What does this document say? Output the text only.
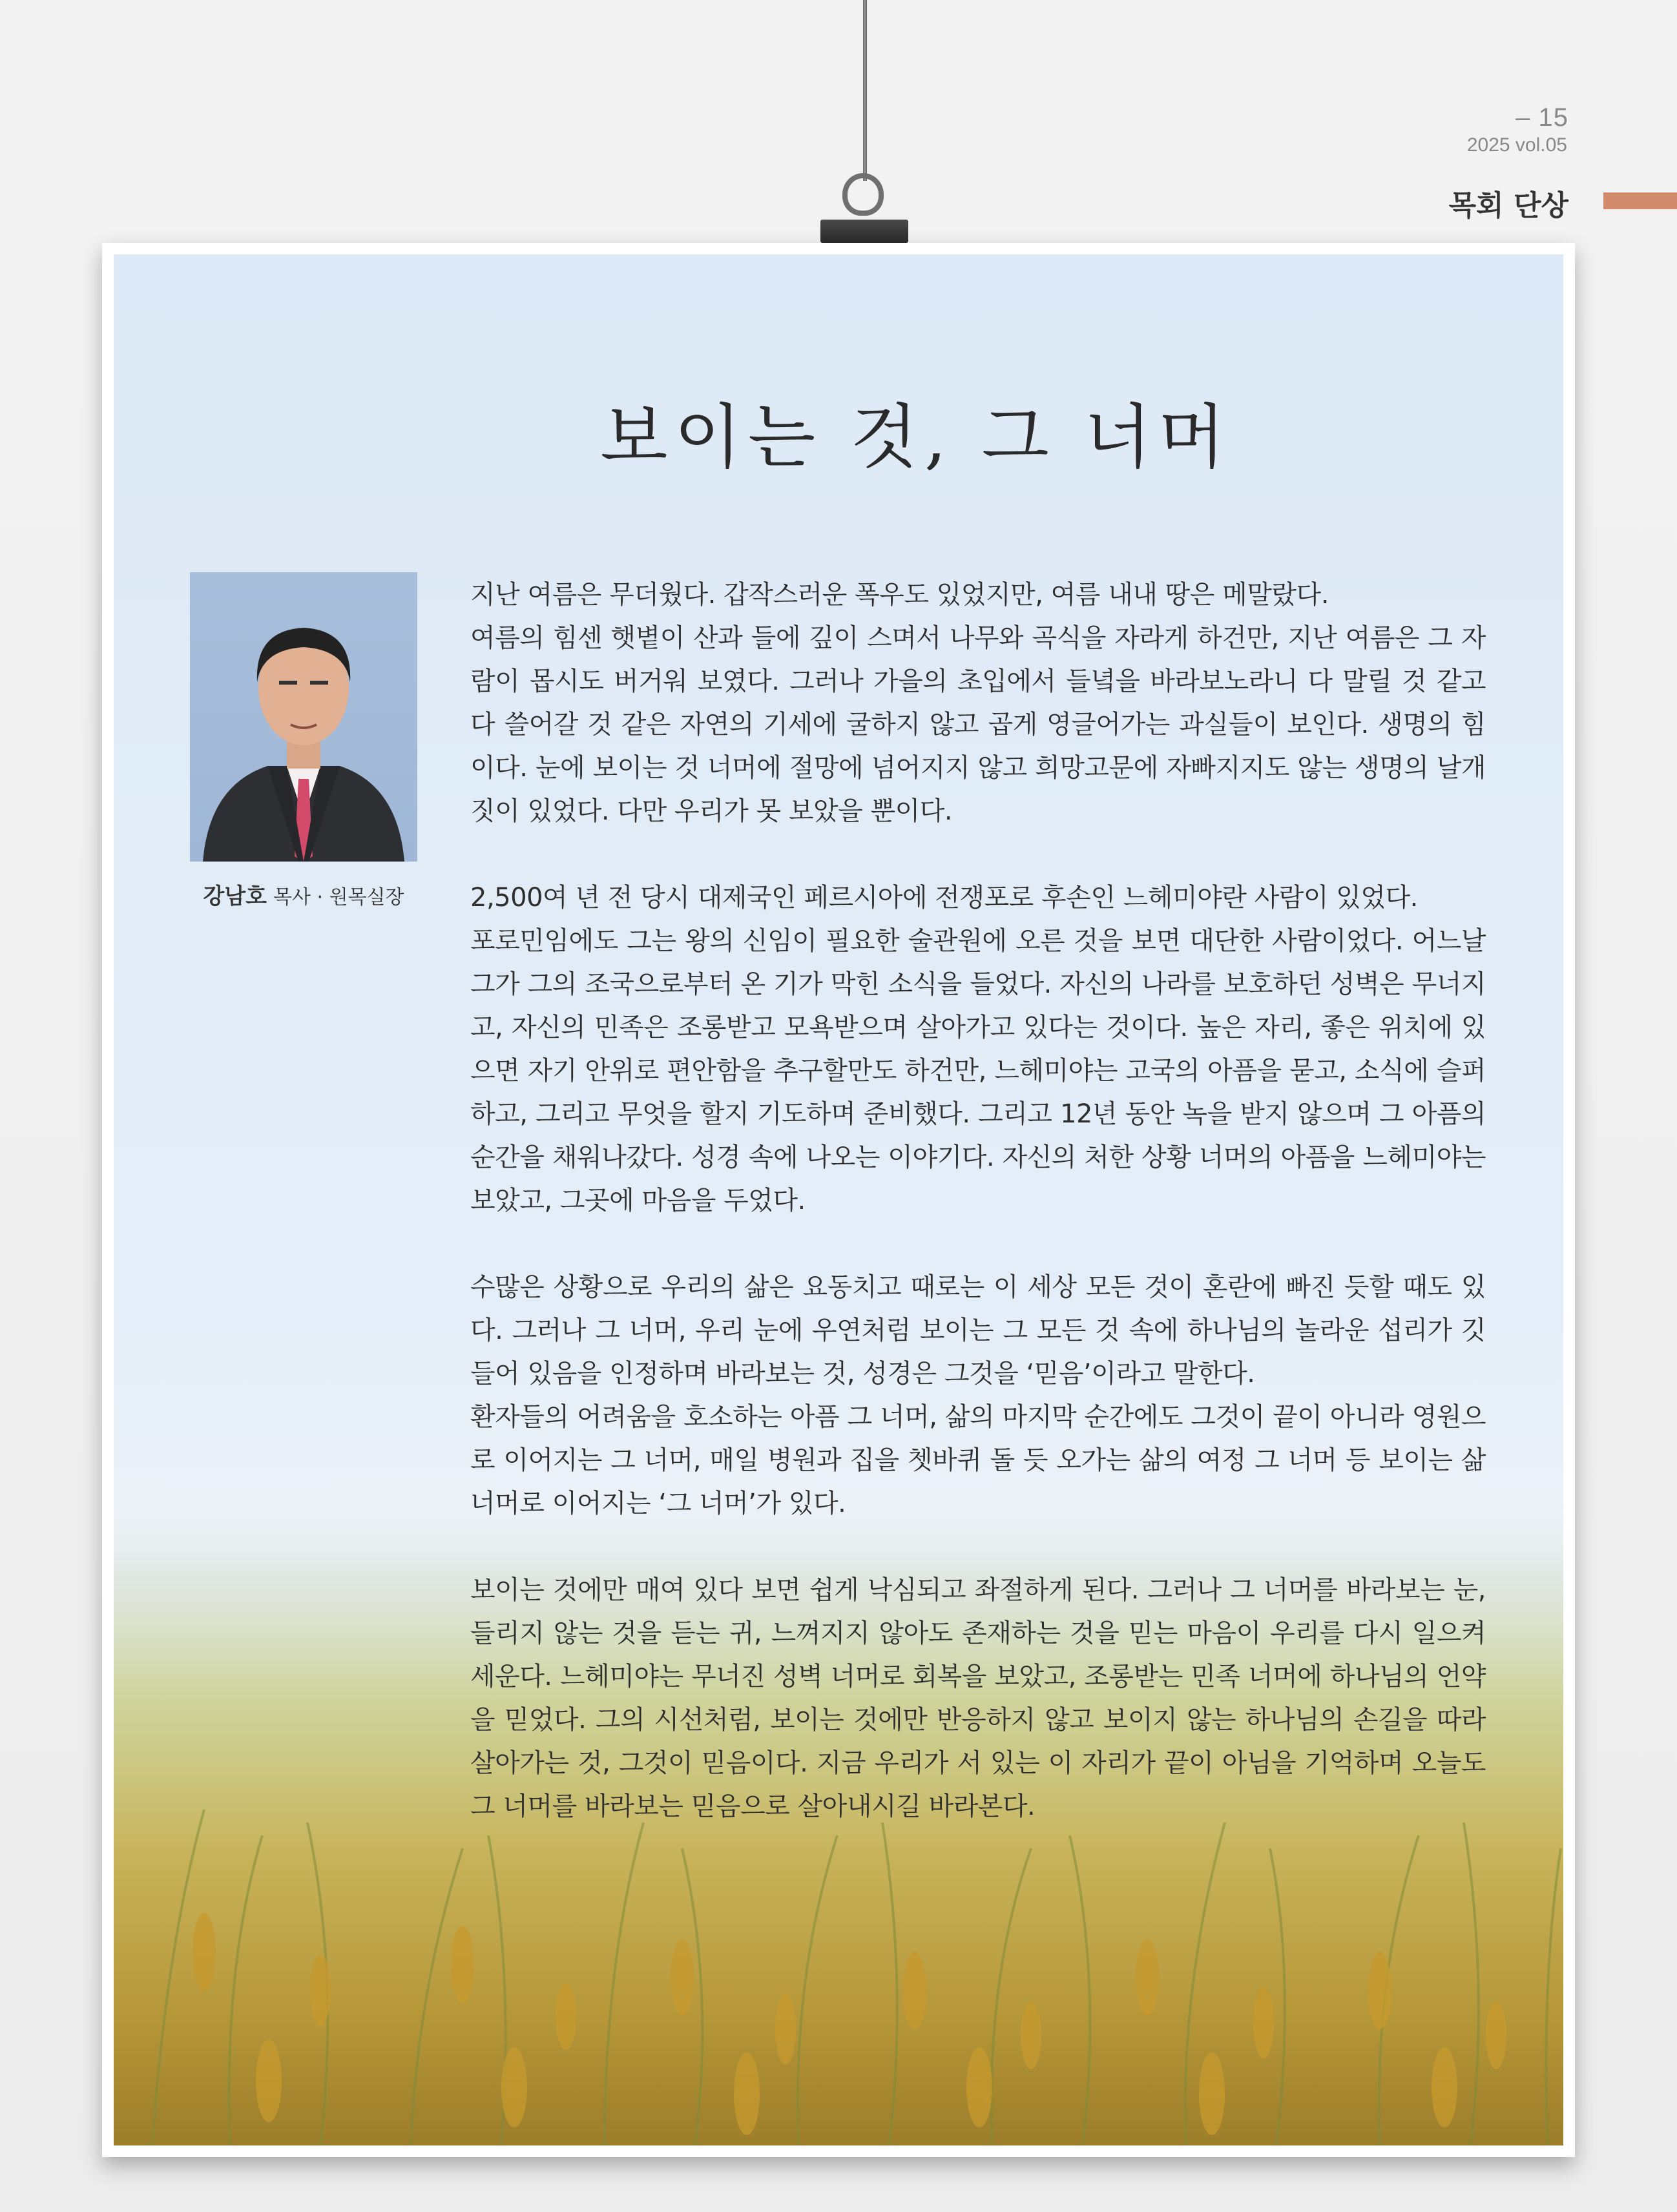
– 15
2025 vol.05
목회 단상
보이는 것, 그 너머
강남호 목사 · 원목실장

지난 여름은 무더웠다. 갑작스러운 폭우도 있었지만, 여름 내내 땅은 메말랐다.
여름의 힘센 햇볕이 산과 들에 깊이 스며서 나무와 곡식을 자라게 하건만, 지난 여름은 그 자람이 몹시도 버거워 보였다. 그러나 가을의 초입에서 들녘을 바라보노라니 다 말릴 것 같고 다 쓸어갈 것 같은 자연의 기세에 굴하지 않고 곱게 영글어가는 과실들이 보인다. 생명의 힘이다. 눈에 보이는 것 너머에 절망에 넘어지지 않고 희망고문에 자빠지지도 않는 생명의 날개 짓이 있었다. 다만 우리가 못 보았을 뿐이다.

2,500여 년 전 당시 대제국인 페르시아에 전쟁포로 후손인 느헤미야란 사람이 있었다.
포로민임에도 그는 왕의 신임이 필요한 술관원에 오른 것을 보면 대단한 사람이었다. 어느날 그가 그의 조국으로부터 온 기가 막힌 소식을 들었다. 자신의 나라를 보호하던 성벽은 무너지고, 자신의 민족은 조롱받고 모욕받으며 살아가고 있다는 것이다. 높은 자리, 좋은 위치에 있으면 자기 안위로 편안함을 추구할만도 하건만, 느헤미야는 고국의 아픔을 묻고, 소식에 슬퍼하고, 그리고 무엇을 할지 기도하며 준비했다. 그리고 12년 동안 녹을 받지 않으며 그 아픔의 순간을 채워나갔다. 성경 속에 나오는 이야기다. 자신의 처한 상황 너머의 아픔을 느헤미야는 보았고, 그곳에 마음을 두었다.

수많은 상황으로 우리의 삶은 요동치고 때로는 이 세상 모든 것이 혼란에 빠진 듯할 때도 있다. 그러나 그 너머, 우리 눈에 우연처럼 보이는 그 모든 것 속에 하나님의 놀라운 섭리가 깃들어 있음을 인정하며 바라보는 것, 성경은 그것을 ‘믿음’이라고 말한다.
환자들의 어려움을 호소하는 아픔 그 너머, 삶의 마지막 순간에도 그것이 끝이 아니라 영원으로 이어지는 그 너머, 매일 병원과 집을 쳇바퀴 돌 듯 오가는 삶의 여정 그 너머 등 보이는 삶 너머로 이어지는 ‘그 너머’가 있다.

보이는 것에만 매여 있다 보면 쉽게 낙심되고 좌절하게 된다. 그러나 그 너머를 바라보는 눈, 들리지 않는 것을 듣는 귀, 느껴지지 않아도 존재하는 것을 믿는 마음이 우리를 다시 일으켜 세운다. 느헤미야는 무너진 성벽 너머로 회복을 보았고, 조롱받는 민족 너머에 하나님의 언약을 믿었다. 그의 시선처럼, 보이는 것에만 반응하지 않고 보이지 않는 하나님의 손길을 따라 살아가는 것, 그것이 믿음이다. 지금 우리가 서 있는 이 자리가 끝이 아님을 기억하며 오늘도 그 너머를 바라보는 믿음으로 살아내시길 바라본다.
